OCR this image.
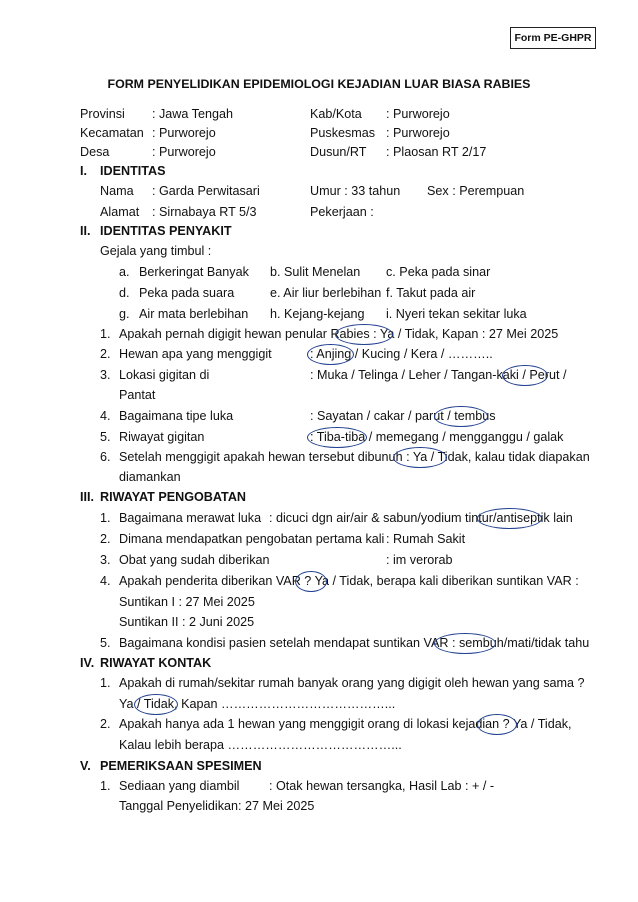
Form PE-GHPR
FORM PENYELIDIKAN EPIDEMIOLOGI KEJADIAN LUAR BIASA RABIES
Provinsi : Jawa Tengah	Kab/Kota : Purworejo
Kecamatan : Purworejo	Puskesmas : Purworejo
Desa	: Purworejo	Dusun/RT : Plaosan RT 2/17
I. IDENTITAS
Nama : Garda Perwitasari	Umur : 33 tahun Sex : Perempuan
Alamat : Sirnabaya RT 5/3	Pekerjaan :
II. IDENTITAS PENYAKIT
Gejala yang timbul :
a. Berkeringat Banyak b. Sulit Menelan c. Peka pada sinar
d. Peka pada suara	e. Air liur berlebihan f. Takut pada air
g. Air mata berlebihan h. Kejang-kejang i. Nyeri tekan sekitar luka
1. Apakah pernah digigit hewan penular Rabies : Ya / Tidak, Kapan : 27 Mei 2025
2. Hewan apa yang menggigit	: Anjing / Kucing / Kera / ………..
3. Lokasi gigitan di	: Muka / Telinga / Leher / Tangan-kaki / Perut /
Pantat
4. Bagaimana tipe luka	: Sayatan / cakar / parut / tembus
5. Riwayat gigitan	: Tiba-tiba / memegang / mengganggu / galak
6. Setelah menggigit apakah hewan tersebut dibunuh : Ya / Tidak, kalau tidak diapakan
diamankan
III. RIWAYAT PENGOBATAN
1. Bagaimana merawat luka : dicuci dgn air/air & sabun/yodium tintur/antiseptik lain
2. Dimana mendapatkan pengobatan pertama kali : Rumah Sakit
3. Obat yang sudah diberikan	: im verorab
4. Apakah penderita diberikan VAR ? Ya / Tidak, berapa kali diberikan suntikan VAR :
Suntikan I : 27 Mei 2025
Suntikan II : 2 Juni 2025
5. Bagaimana kondisi pasien setelah mendapat suntikan VAR : sembuh/mati/tidak tahu
IV. RIWAYAT KONTAK
1. Apakah di rumah/sekitar rumah banyak orang yang digigit oleh hewan yang sama ?
Ya / Tidak, Kapan …………………………………...
2. Apakah hanya ada 1 hewan yang menggigit orang di lokasi kejadian ? Ya / Tidak,
Kalau lebih berapa …………………………………...
V. PEMERIKSAAN SPESIMEN
1. Sediaan yang diambil : Otak hewan tersangka, Hasil Lab : + / -
Tanggal Penyelidikan: 27 Mei 2025
